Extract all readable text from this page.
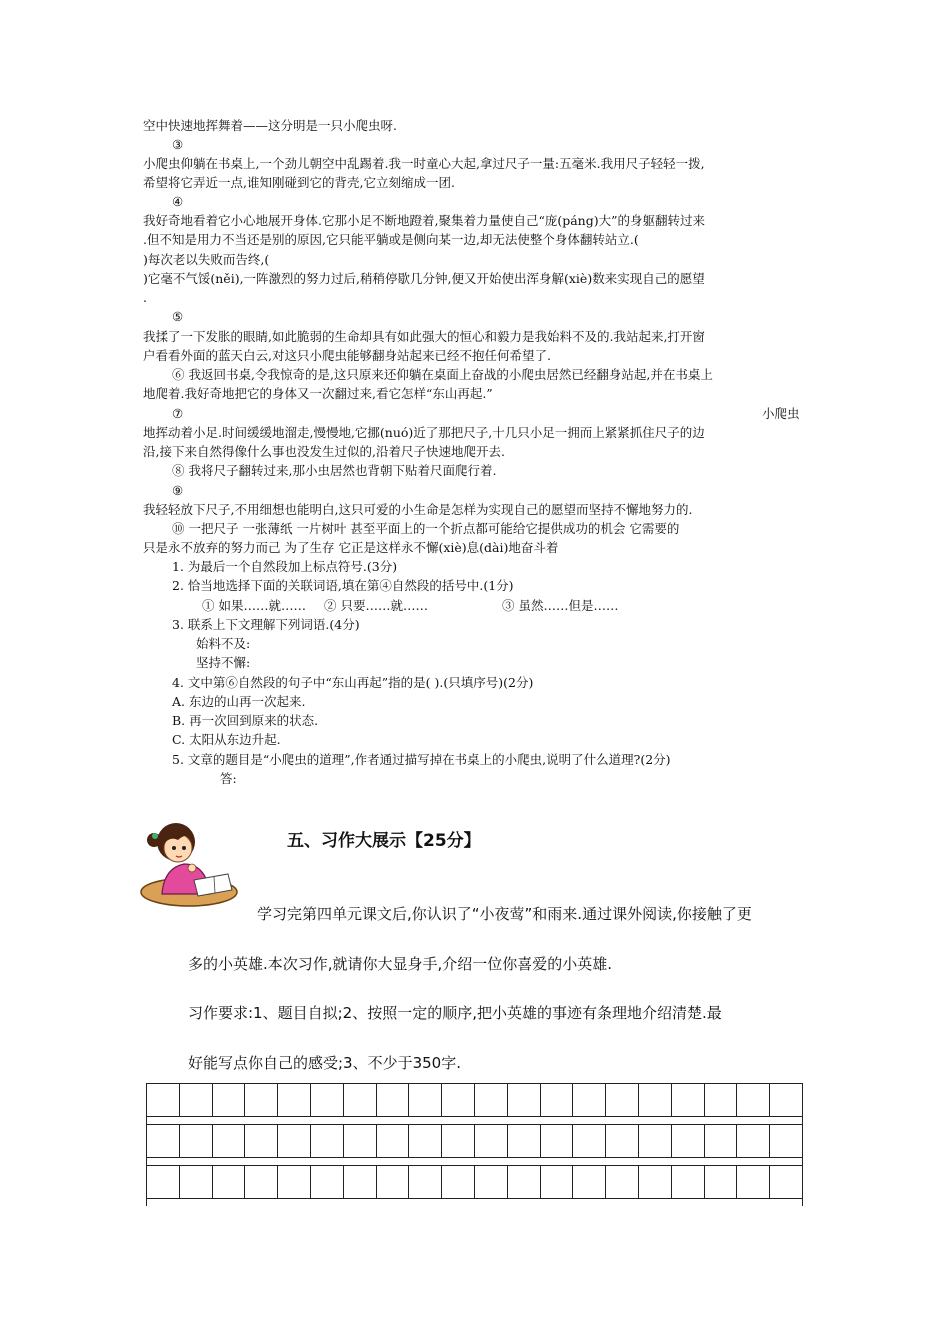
空中快速地挥舞着——这分明是一只小爬虫呀.
③
小爬虫仰躺在书桌上,一个劲儿朝空中乱踢着.我一时童心大起,拿过尺子一量:五毫米.我用尺子轻轻一拨,
希望将它弄近一点,谁知刚碰到它的背壳,它立刻缩成一团.
④
我好奇地看着它小心地展开身体.它那小足不断地蹬着,聚集着力量使自己“庞(páng)大”的身躯翻转过来
.但不知是用力不当还是别的原因,它只能平躺或是侧向某一边,却无法使整个身体翻转站立.(
)每次老以失败而告终,(
)它毫不气馁(něi),一阵激烈的努力过后,稍稍停歇几分钟,便又开始使出浑身解(xiè)数来实现自己的愿望
.
⑤
我揉了一下发胀的眼睛,如此脆弱的生命却具有如此强大的恒心和毅力是我始料不及的.我站起来,打开窗
户看看外面的蓝天白云,对这只小爬虫能够翻身站起来已经不抱任何希望了.
⑥ 我返回书桌,令我惊奇的是,这只原来还仰躺在桌面上奋战的小爬虫居然已经翻身站起,并在书桌上
地爬着.我好奇地把它的身体又一次翻过来,看它怎样“东山再起.”
⑦	小爬虫
地挥动着小足.时间缓缓地溜走,慢慢地,它挪(nuó)近了那把尺子,十几只小足一拥而上紧紧抓住尺子的边
沿,接下来自然得像什么事也没发生过似的,沿着尺子快速地爬开去.
⑧ 我将尺子翻转过来,那小虫居然也背朝下贴着尺面爬行着.
⑨
我轻轻放下尺子,不用细想也能明白,这只可爱的小生命是怎样为实现自己的愿望而坚持不懈地努力的.
⑩ 一把尺子 一张薄纸 一片树叶 甚至平面上的一个折点都可能给它提供成功的机会 它需要的
只是永不放弃的努力而己 为了生存 它正是这样永不懈(xiè)息(dài)地奋斗着
1. 为最后一个自然段加上标点符号.(3分)
2. 恰当地选择下面的关联词语,填在第④自然段的括号中.(1分)
① 如果……就…… ② 只要……就……	③ 虽然……但是……
3. 联系上下文理解下列词语.(4分)
始料不及:
坚持不懈:
4. 文中第⑥自然段的句子中“东山再起”指的是( ).(只填序号)(2分)
A. 东边的山再一次起来.
B. 再一次回到原来的状态.
C. 太阳从东边升起.
5. 文章的题目是“小爬虫的道理”,作者通过描写掉在书桌上的小爬虫,说明了什么道理?(2分)
答:
五、习作大展示【25分】
学习完第四单元课文后,你认识了“小夜莺”和雨来.通过课外阅读,你接触了更
多的小英雄.本次习作,就请你大显身手,介绍一位你喜爱的小英雄.
习作要求:1、题目自拟;2、按照一定的顺序,把小英雄的事迹有条理地介绍清楚.最
好能写点你自己的感受;3、不少于350字.
